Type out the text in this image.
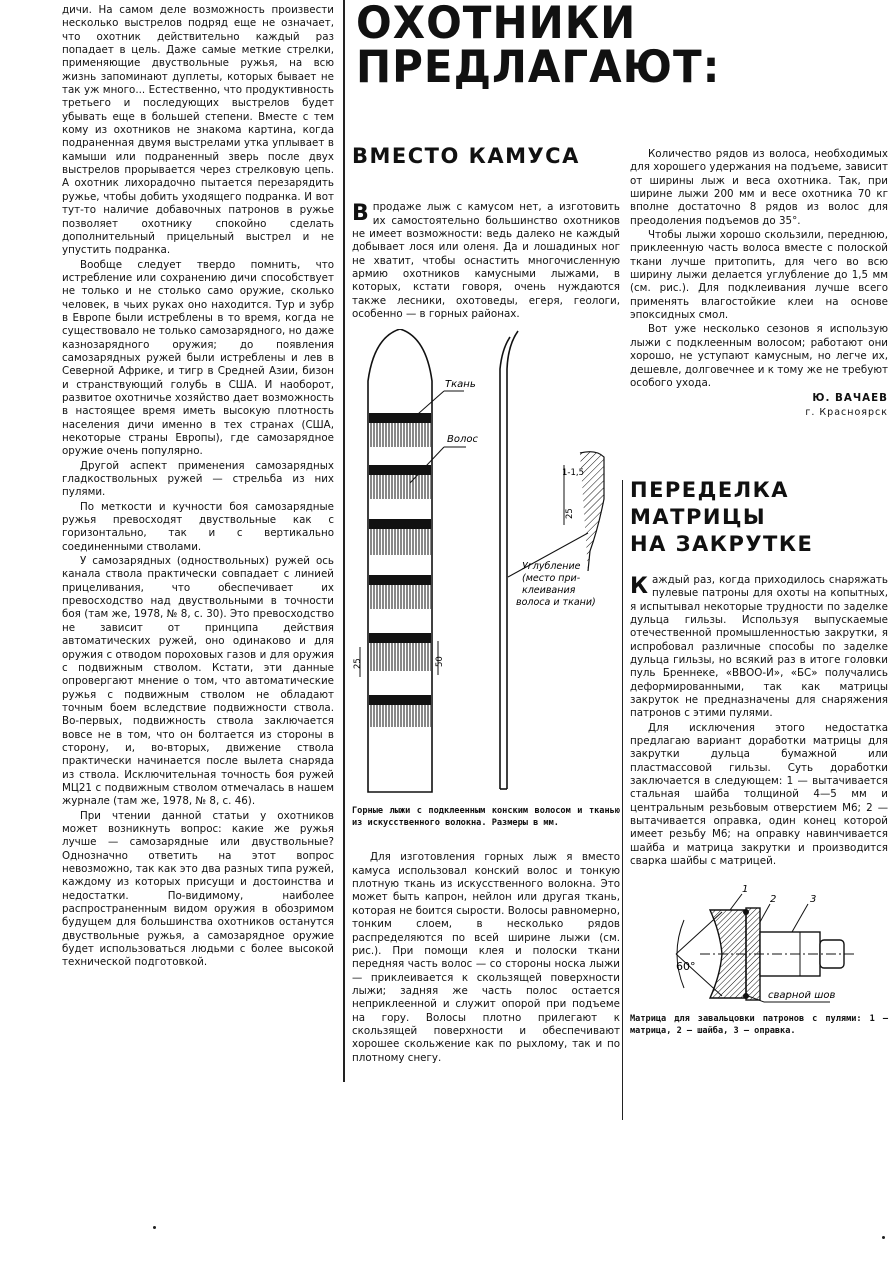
дичи. На самом деле возможность произвести несколько выстрелов подряд еще не означает, что охотник действительно каждый раз попадает в цель. Даже самые меткие стрелки, применяющие двуствольные ружья, на всю жизнь запоминают дуплеты, которых бывает не так уж много... Естественно, что продуктивность третьего и последующих выстрелов будет убывать еще в большей степени. Вместе с тем кому из охотников не знакома картина, когда подраненная двумя выстрелами утка уплывает в камыши или подраненный зверь после двух выстрелов прорывается через стрелковую цепь. А охотник лихорадочно пытается перезарядить ружье, чтобы добить уходящего подранка. И вот тут-то наличие добавочных патронов в ружье позволяет охотнику спокойно сделать дополнительный прицельный выстрел и не упустить подранка.

Вообще следует твердо помнить, что истребление или сохранению дичи способствует не только и не столько само оружие, сколько человек, в чьих руках оно находится. Тур и зубр в Европе были истреблены в то время, когда не существовало не только самозарядного, но даже казнозарядного оружия; до появления самозарядных ружей были истреблены и лев в Северной Африке, и тигр в Средней Азии, бизон и странствующий голубь в США. И наоборот, развитое охотничье хозяйство дает возможность в настоящее время иметь высокую плотность населения дичи именно в тех странах (США, некоторые страны Европы), где самозарядное оружие очень популярно.

Другой аспект применения самозарядных гладкоствольных ружей — стрельба из них пулями.

По меткости и кучности боя самозарядные ружья превосходят двуствольные как с горизонтально, так и с вертикально соединенными стволами.

У самозарядных (одноствольных) ружей ось канала ствола практически совпадает с линией прицеливания, что обеспечивает их превосходство над двуствольными в точности боя (там же, 1978, № 8, с. 30). Это превосходство не зависит от принципа действия автоматических ружей, оно одинаково и для оружия с отводом пороховых газов и для оружия с подвижным стволом. Кстати, эти данные опровергают мнение о том, что автоматические ружья с подвижным стволом не обладают точным боем вследствие подвижности ствола. Во-первых, подвижность ствола заключается вовсе не в том, что он болтается из стороны в сторону, и, во-вторых, движение ствола практически начинается после вылета снаряда из ствола. Исключительная точность боя ружей МЦ21 с подвижным стволом отмечалась в нашем журнале (там же, 1978, № 8, с. 46).

При чтении данной статьи у охотников может возникнуть вопрос: какие же ружья лучше — самозарядные или двуствольные? Однозначно ответить на этот вопрос невозможно, так как это два разных типа ружей, каждому из которых присущи и достоинства и недостатки. По-видимому, наиболее распространенным видом оружия в обозримом будущем для большинства охотников останутся двуствольные ружья, а самозарядное оружие будет использоваться людьми с более высокой технической подготовкой.

ОХОТНИКИ
ПРЕДЛАГАЮТ:
ВМЕСТО КАМУСА

В продаже лыж с камусом нет, а изготовить их самостоятельно большинство охотников не имеет возможности: ведь далеко не каждый добывает лося или оленя. Да и лошадиных ног не хватит, чтобы оснастить многочисленную армию охотников камусными лыжами, в которых, кстати говоря, очень нуждаются также лесники, охотоведы, егеря, геологи, особенно — в горных районах.

Ткань
Волос
25	50
1-1,5
25
Углубление
(место при-
клеивания
волоса и ткани)
Горные лыжи с подклеенным конским волосом и тканью из искусственного волокна. Размеры в мм.

Для изготовления горных лыж я вместо камуса использовал конский волос и тонкую плотную ткань из искусственного волокна. Это может быть капрон, нейлон или другая ткань, которая не боится сырости. Волосы равномерно, тонким слоем, в несколько рядов распределяются по всей ширине лыжи (см. рис.). При помощи клея и полоски ткани передняя часть волос — со стороны носка лыжи — приклеивается к скользящей поверхности лыжи; задняя же часть полос остается неприклеенной и служит опорой при подъеме на гору. Волосы плотно прилегают к скользящей поверхности и обеспечивают хорошее скольжение как по рыхлому, так и по плотному снегу.

Количество рядов из волоса, необходимых для хорошего удержания на подъеме, зависит от ширины лыж и веса охотника. Так, при ширине лыжи 200 мм и весе охотника 70 кг вполне достаточно 8 рядов из волос для преодоления подъемов до 35°.

Чтобы лыжи хорошо скользили, переднюю, приклеенную часть волоса вместе с полоской ткани лучше притопить, для чего во всю ширину лыжи делается углубление до 1,5 мм (см. рис.). Для подклеивания лучше всего применять влагостойкие клеи на основе эпоксидных смол.

Вот уже несколько сезонов я использую лыжи с подклеенным волосом; работают они хорошо, не уступают камусным, но легче их, дешевле, долговечнее и к тому же не требуют особого ухода.

Ю. ВАЧАЕВ
г. Красноярск
ПЕРЕДЕЛКА
МАТРИЦЫ
НА ЗАКРУТКЕ

К аждый раз, когда приходилось снаряжать пулевые патроны для охоты на копытных, я испытывал некоторые трудности по заделке дульца гильзы. Используя выпускаемые отечественной промышленностью закрутки, я испробовал различные способы по заделке дульца гильзы, но всякий раз в итоге головки пуль Бреннеке, «ВВОО-И», «БС» получались деформированными, так как матрицы закруток не предназначены для снаряжения патронов с этими пулями.

Для исключения этого недостатка предлагаю вариант доработки матрицы для закрутки дульца бумажной или пластмассовой гильзы. Суть доработки заключается в следующем: 1 — вытачивается стальная шайба толщиной 4—5 мм и центральным резьбовым отверстием М6; 2 — вытачивается оправка, один конец которой имеет резьбу М6; на оправку навинчивается шайба и матрица закрутки и производится сварка шайбы с матрицей.

60°
1
2	3
сварной шов
Матрица для завальцовки патронов с пулями: 1 — матрица, 2 — шайба, 3 — оправка.
